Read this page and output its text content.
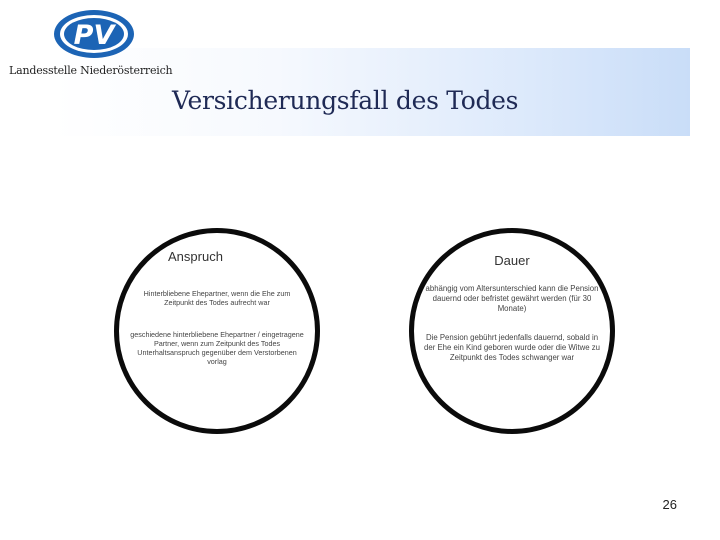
PV
Landesstelle Niederösterreich
Versicherungsfall des Todes
Anspruch
Hinterbliebene Ehepartner, wenn die Ehe zum Zeitpunkt des Todes aufrecht war
geschiedene hinterbliebene Ehepartner / eingetragene Partner, wenn zum Zeitpunkt des Todes Unterhaltsanspruch gegenüber dem Verstorbenen vorlag
Dauer
abhängig vom Altersunterschied kann die Pension dauernd oder befristet gewährt werden (für 30 Monate)
Die Pension gebührt jedenfalls dauernd, sobald in der Ehe ein Kind geboren wurde oder die Witwe zu Zeitpunkt des Todes schwanger war
26
